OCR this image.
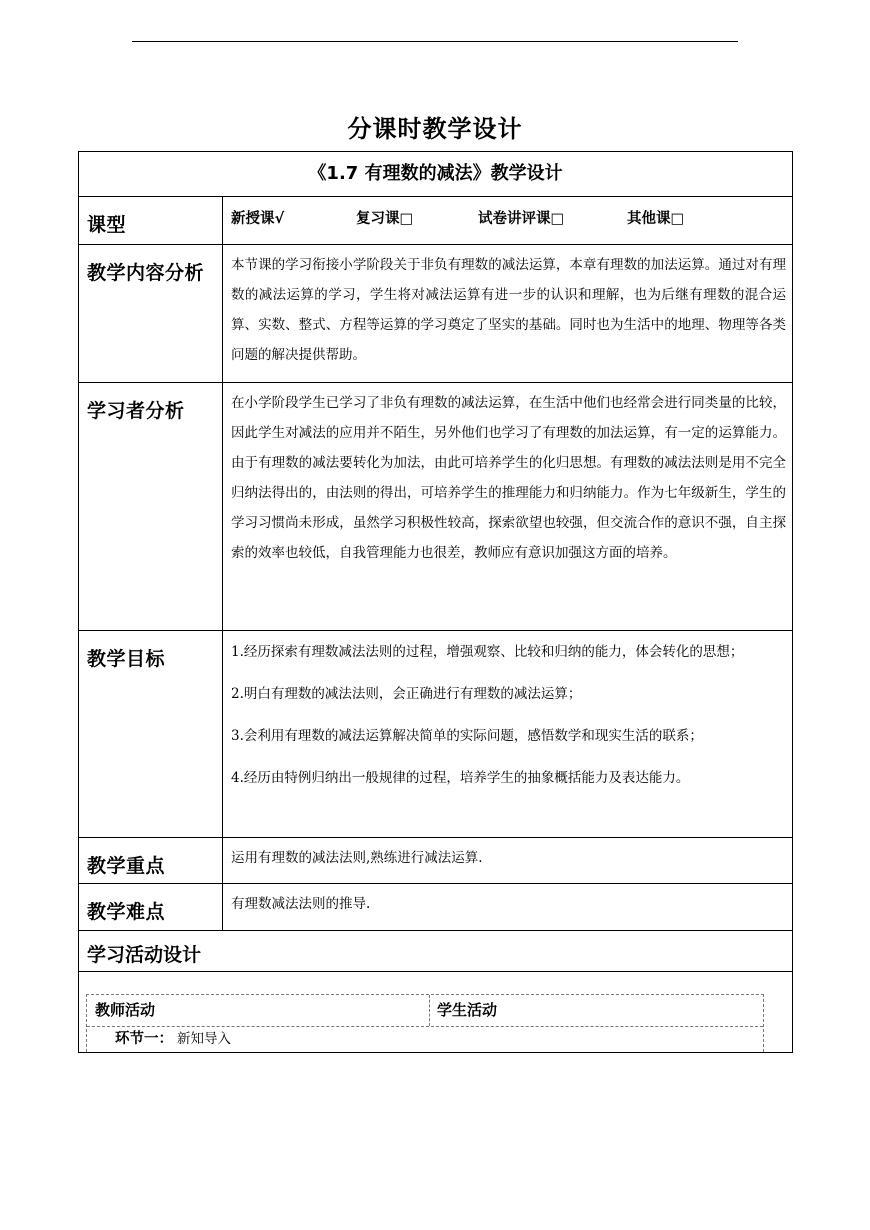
分课时教学设计
《1.7 有理数的减法》教学设计	
课型	新授课√ 复习课□ 试卷讲评课□ 其他课□
教学内容分析	本节课的学习衔接小学阶段关于非负有理数的减法运算，本章有理数的加法运算。通过对有理数的减法运算的学习，学生将对减法运算有进一步的认识和理解，也为后继有理数的混合运算、实数、整式、方程等运算的学习奠定了坚实的基础。同时也为生活中的地理、物理等各类问题的解决提供帮助。
学习者分析	在小学阶段学生已学习了非负有理数的减法运算，在生活中他们也经常会进行同类量的比较，因此学生对减法的应用并不陌生，另外他们也学习了有理数的加法运算，有一定的运算能力。由于有理数的减法要转化为加法，由此可培养学生的化归思想。有理数的减法法则是用不完全归纳法得出的，由法则的得出，可培养学生的推理能力和归纳能力。作为七年级新生，学生的学习习惯尚未形成，虽然学习积极性较高，探索欲望也较强，但交流合作的意识不强，自主探索的效率也较低，自我管理能力也很差，教师应有意识加强这方面的培养。
教学目标	1.经历探索有理数减法法则的过程，增强观察、比较和归纳的能力，体会转化的思想；

2.明白有理数的减法法则，会正确进行有理数的减法运算；

3.会利用有理数的减法运算解决简单的实际问题，感悟数学和现实生活的联系；

4.经历由特例归纳出一般规律的过程，培养学生的抽象概括能力及表达能力。

教学重点	运用有理数的减法法则,熟练进行减法运算.
教学难点	有理数减法法则的推导.

学习活动设计	

教师活动 学生活动
环节一： 新知导入	
